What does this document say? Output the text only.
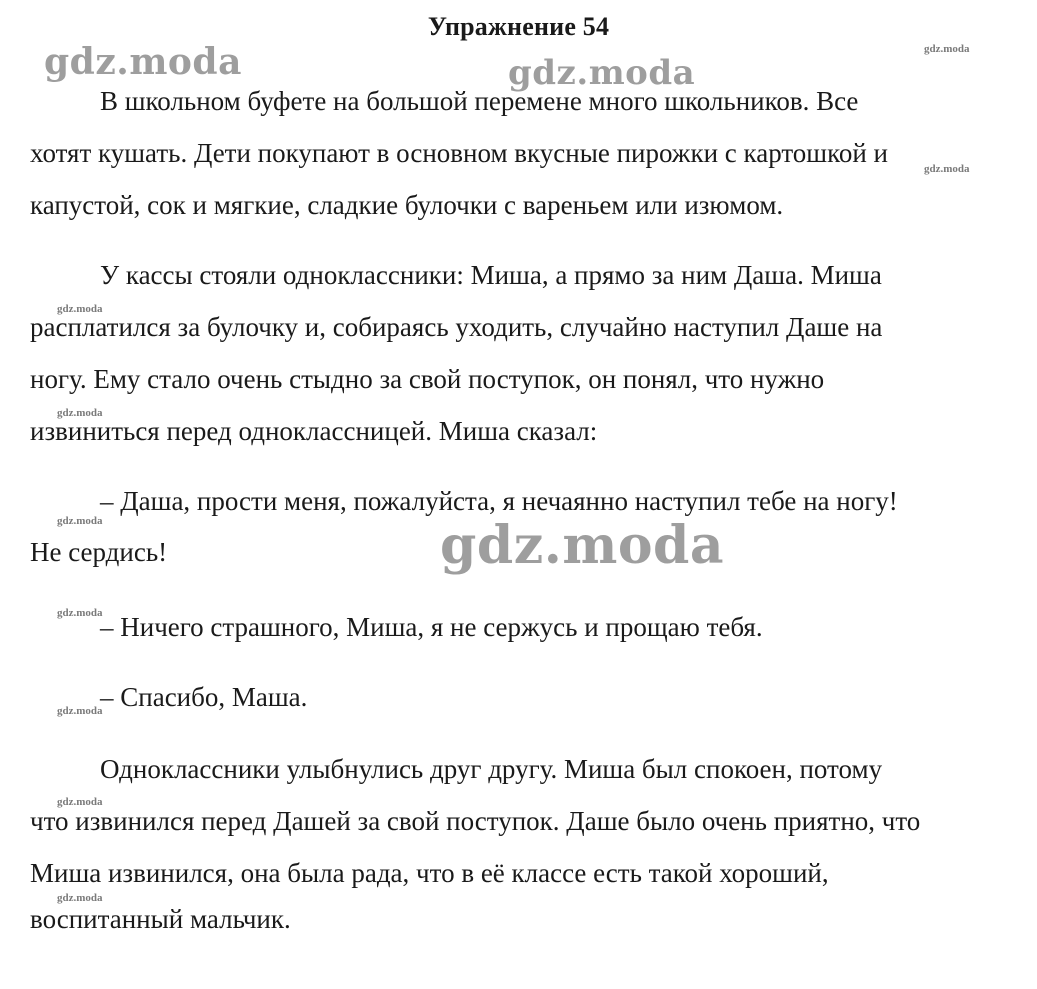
Упражнение 54
В школьном буфете на большой перемене много школьников. Все
хотят кушать. Дети покупают в основном вкусные пирожки с картошкой и
капустой, сок и мягкие, сладкие булочки с вареньем или изюмом.
У кассы стояли одноклассники: Миша, а прямо за ним Даша. Миша
расплатился за булочку и, собираясь уходить, случайно наступил Даше на
ногу. Ему стало очень стыдно за свой поступок, он понял, что нужно
извиниться перед одноклассницей. Миша сказал:
– Даша, прости меня, пожалуйста, я нечаянно наступил тебе на ногу!
Не сердись!
– Ничего страшного, Миша, я не сержусь и прощаю тебя.
– Спасибо, Маша.
Одноклассники улыбнулись друг другу. Миша был спокоен, потому
что извинился перед Дашей за свой поступок. Даше было очень приятно, что
Миша извинился, она была рада, что в её классе есть такой хороший,
воспитанный мальчик.
gdz.moda	gdz.moda
gdz.moda
gdz.moda
gdz.moda
gdz.moda
gdz.moda
gdz.moda
gdz.moda
gdz.moda
gdz.moda
gdz.moda
